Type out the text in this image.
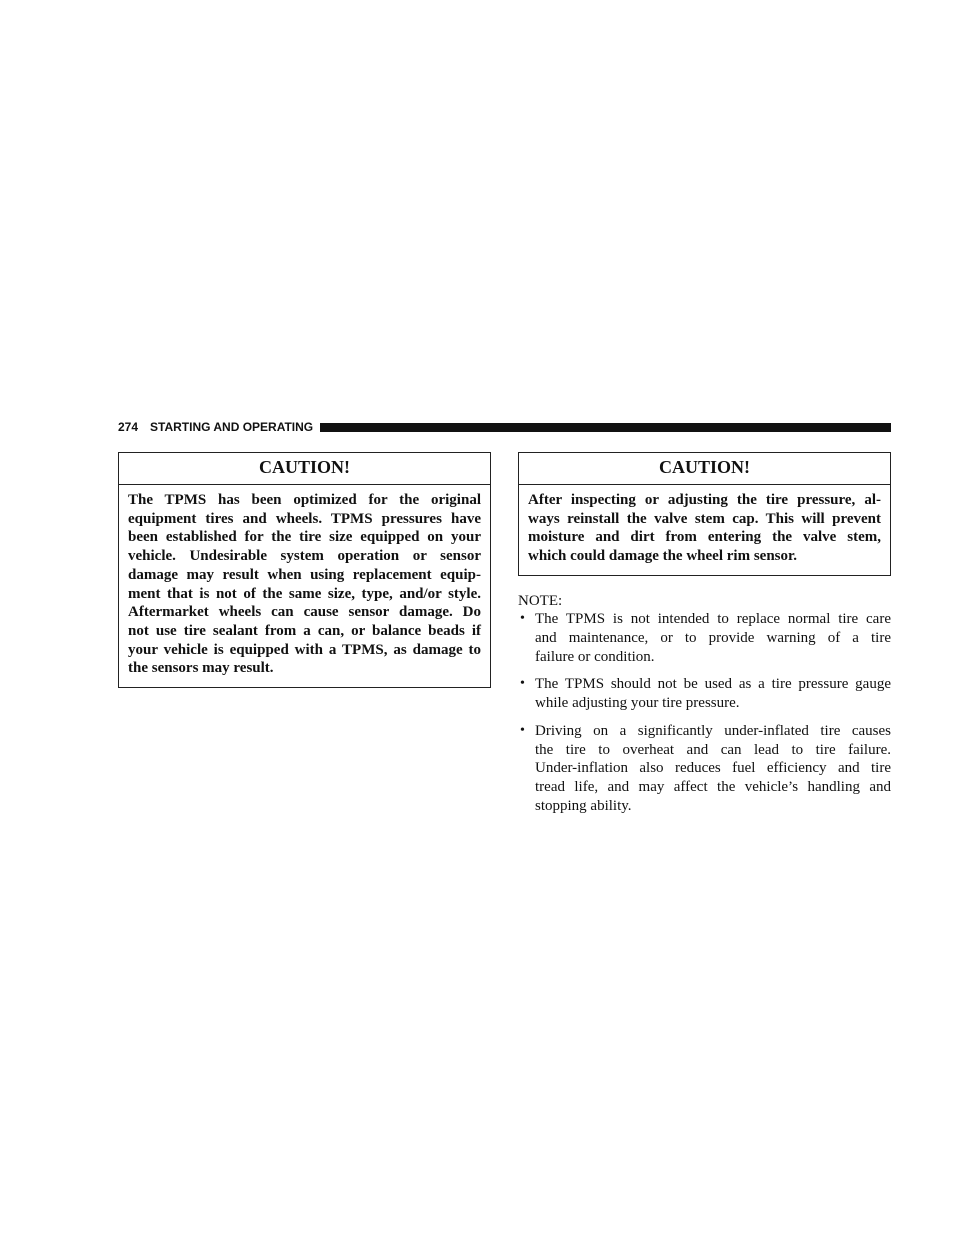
274 STARTING AND OPERATING
CAUTION!
The TPMS has been optimized for the original
equipment tires and wheels. TPMS pressures have
been established for the tire size equipped on your
vehicle. Undesirable system operation or sensor
damage may result when using replacement equip-
ment that is not of the same size, type, and/or style.
Aftermarket wheels can cause sensor damage. Do
not use tire sealant from a can, or balance beads if
your vehicle is equipped with a TPMS, as damage to
the sensors may result.
CAUTION!
After inspecting or adjusting the tire pressure, al-
ways reinstall the valve stem cap. This will prevent
moisture and dirt from entering the valve stem,
which could damage the wheel rim sensor.
NOTE:
• The TPMS is not intended to replace normal tire care
and maintenance, or to provide warning of a tire
failure or condition.
• The TPMS should not be used as a tire pressure gauge
while adjusting your tire pressure.
• Driving on a significantly under-inflated tire causes
the tire to overheat and can lead to tire failure.
Under-inflation also reduces fuel efficiency and tire
tread life, and may affect the vehicle’s handling and
stopping ability.
